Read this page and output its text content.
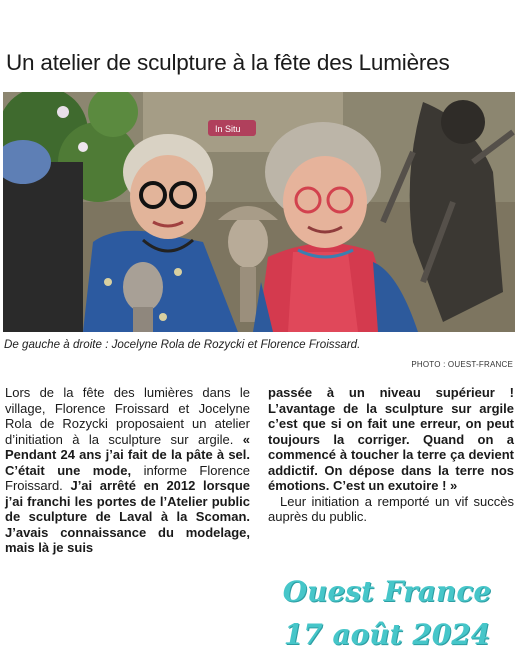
Un atelier de sculpture à la fête des Lumières
In Situ
De gauche à droite : Jocelyne Rola de Rozycki et Florence Froissard.
PHOTO : OUEST-FRANCE
Lors de la fête des lumières dans le village, Florence Froissard et Jocelyne Rola de Rozycki proposaient un atelier d’initiation à la sculpture sur argile. « Pendant 24 ans j’ai fait de la pâte à sel. C’était une mode, informe Florence Froissard. J’ai arrêté en 2012 lorsque j’ai franchi les portes de l’Atelier public de sculpture de Laval à la Scoman. J’avais connaissance du modelage, mais là je suis
passée à un niveau supérieur ! L’avantage de la sculpture sur argile c’est que si on fait une erreur, on peut toujours la corriger. Quand on a commencé à toucher la terre ça devient addictif. On dépose dans la terre nos émotions. C’est un exutoire ! »
Leur initiation a remporté un vif succès auprès du public.
Ouest France
17 août 2024
